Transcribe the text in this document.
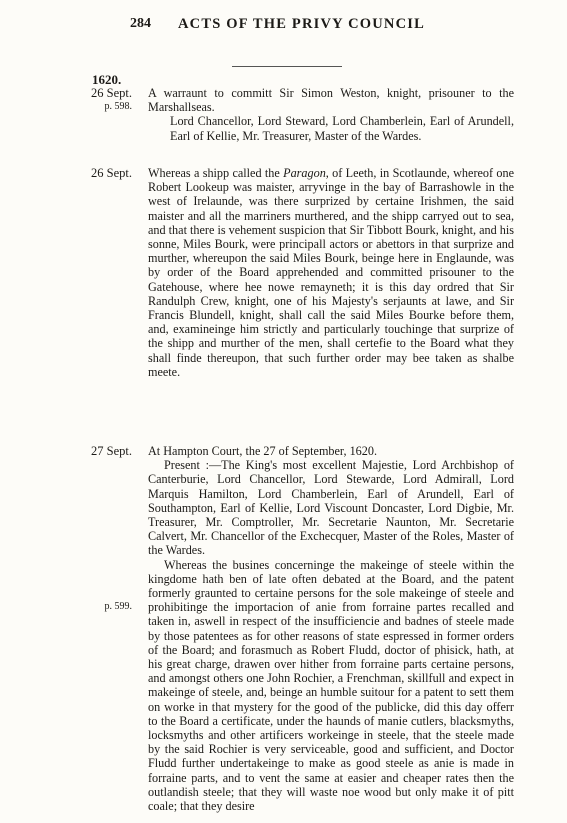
284 ACTS OF THE PRIVY COUNCIL
1620.
26 Sept.
p. 598.

A warraunt to committ Sir Simon Weston, knight, prisouner to the Marshallseas.

Lord Chancellor, Lord Steward, Lord Chamberlein, Earl of Arundell, Earl of Kellie, Mr. Treasurer, Master of the Wardes.

26 Sept. Whereas a shipp called the Paragon, of Leeth, in Scotlaunde, whereof one Robert Lookeup was maister, arryvinge in the bay of Barrashowle in the west of Irelaunde, was there surprized by certaine Irishmen, the said maister and all the marriners murthered, and the shipp carryed out to sea, and that there is vehement suspicion that Sir Tibbott Bourk, knight, and his sonne, Miles Bourk, were principall actors or abettors in that surprize and murther, whereupon the said Miles Bourk, beinge here in Englaunde, was by order of the Board apprehended and committed prisouner to the Gatehouse, where hee nowe remayneth; it is this day ordred that Sir Randulph Crew, knight, one of his Majesty's serjaunts at lawe, and Sir Francis Blundell, knight, shall call the said Miles Bourke before them, and, examineinge him strictly and particularly touchinge that surprize of the shipp and murther of the men, shall certefie to the Board what they shall finde thereupon, that such further order may bee taken as shalbe meete.

27 Sept.
p. 599.

At Hampton Court, the 27 of September, 1620.

Present :—The King's most excellent Majestie, Lord Archbishop of Canterburie, Lord Chancellor, Lord Stewarde, Lord Admirall, Lord Marquis Hamilton, Lord Chamberlein, Earl of Arundell, Earl of Southampton, Earl of Kellie, Lord Viscount Doncaster, Lord Digbie, Mr. Treasurer, Mr. Comptroller, Mr. Secretarie Naunton, Mr. Secretarie Calvert, Mr. Chancellor of the Exchecquer, Master of the Roles, Master of the Wardes.

Whereas the busines concerninge the makeinge of steele within the kingdome hath ben of late often debated at the Board, and the patent formerly graunted to certaine persons for the sole makeinge of steele and prohibitinge the importacion of anie from forraine partes recalled and taken in, aswell in respect of the insufficiencie and badnes of steele made by those patentees as for other reasons of state espressed in former orders of the Board; and forasmuch as Robert Fludd, doctor of phisick, hath, at his great charge, drawen over hither from forraine parts certaine persons, and amongst others one John Rochier, a Frenchman, skillfull and expect in makeinge of steele, and, beinge an humble suitour for a patent to sett them on worke in that mystery for the good of the publicke, did this day offerr to the Board a certificate, under the haunds of manie cutlers, blacksmyths, locksmyths and other artificers workeinge in steele, that the steele made by the said Rochier is very serviceable, good and sufficient, and Doctor Fludd further undertakeinge to make as good steele as anie is made in forraine parts, and to vent the same at easier and cheaper rates then the outlandish steele; that they will waste noe wood but only make it of pitt coale; that they desire
